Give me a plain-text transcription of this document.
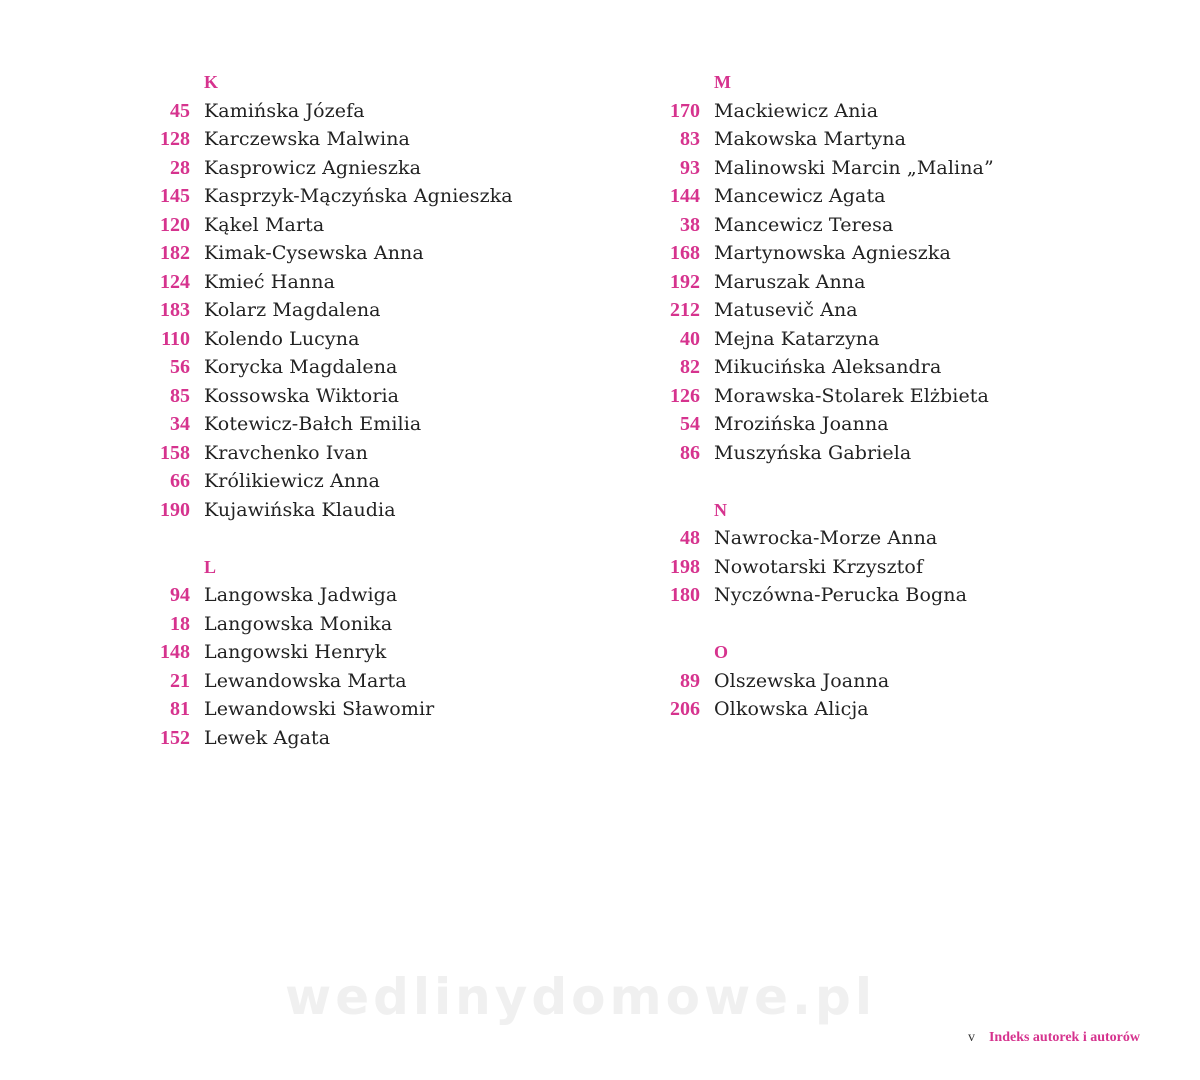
K
45 Kamińska Józefa
128 Karczewska Malwina
28 Kasprowicz Agnieszka
145 Kasprzyk-Mączyńska Agnieszka
120 Kąkel Marta
182 Kimak-Cysewska Anna
124 Kmieć Hanna
183 Kolarz Magdalena
110 Kolendo Lucyna
56 Korycka Magdalena
85 Kossowska Wiktoria
34 Kotewicz-Bałch Emilia
158 Kravchenko Ivan
66 Królikiewicz Anna
190 Kujawińska Klaudia
L
94 Langowska Jadwiga
18 Langowska Monika
148 Langowski Henryk
21 Lewandowska Marta
81 Lewandowski Sławomir
152 Lewek Agata
M
170 Mackiewicz Ania
83 Makowska Martyna
93 Malinowski Marcin „Malina”
144 Mancewicz Agata
38 Mancewicz Teresa
168 Martynowska Agnieszka
192 Maruszak Anna
212 Matusevič Ana
40 Mejna Katarzyna
82 Mikucińska Aleksandra
126 Morawska-Stolarek Elżbieta
54 Mrozińska Joanna
86 Muszyńska Gabriela
N
48 Nawrocka-Morze Anna
198 Nowotarski Krzysztof
180 Nyczówna-Perucka Bogna
O
89 Olszewska Joanna
206 Olkowska Alicja
wedlinydomowe.pl
v Indeks autorek i autorów
